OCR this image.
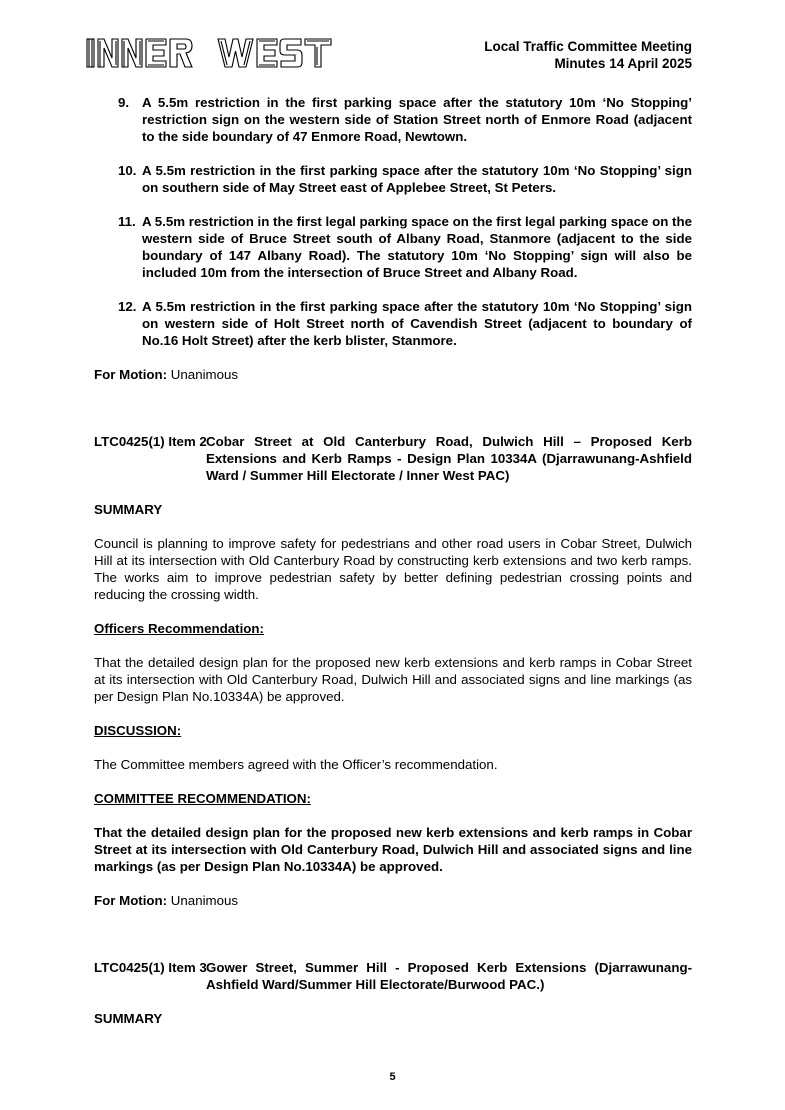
Local Traffic Committee Meeting
Minutes 14 April 2025
9. A 5.5m restriction in the first parking space after the statutory 10m ‘No Stopping’ restriction sign on the western side of Station Street north of Enmore Road (adjacent to the side boundary of 47 Enmore Road, Newtown.
10. A 5.5m restriction in the first parking space after the statutory 10m ‘No Stopping’ sign on southern side of May Street east of Applebee Street, St Peters.
11. A 5.5m restriction in the first legal parking space on the first legal parking space on the western side of Bruce Street south of Albany Road, Stanmore (adjacent to the side boundary of 147 Albany Road). The statutory 10m ‘No Stopping’ sign will also be included 10m from the intersection of Bruce Street and Albany Road.
12. A 5.5m restriction in the first parking space after the statutory 10m ‘No Stopping’ sign on western side of Holt Street north of Cavendish Street (adjacent to boundary of No.16 Holt Street) after the kerb blister, Stanmore.

For Motion: Unanimous

LTC0425(1) Item 2 Cobar Street at Old Canterbury Road, Dulwich Hill – Proposed Kerb Extensions and Kerb Ramps - Design Plan 10334A (Djarrawunang-Ashfield Ward / Summer Hill Electorate / Inner West PAC)

SUMMARY

Council is planning to improve safety for pedestrians and other road users in Cobar Street, Dulwich Hill at its intersection with Old Canterbury Road by constructing kerb extensions and two kerb ramps. The works aim to improve pedestrian safety by better defining pedestrian crossing points and reducing the crossing width.

Officers Recommendation:

That the detailed design plan for the proposed new kerb extensions and kerb ramps in Cobar Street at its intersection with Old Canterbury Road, Dulwich Hill and associated signs and line markings (as per Design Plan No.10334A) be approved.

DISCUSSION:

The Committee members agreed with the Officer’s recommendation.

COMMITTEE RECOMMENDATION:

That the detailed design plan for the proposed new kerb extensions and kerb ramps in Cobar Street at its intersection with Old Canterbury Road, Dulwich Hill and associated signs and line markings (as per Design Plan No.10334A) be approved.

For Motion: Unanimous

LTC0425(1) Item 3 Gower Street, Summer Hill - Proposed Kerb Extensions (Djarrawunang-Ashfield Ward/Summer Hill Electorate/Burwood PAC.)

SUMMARY

5
